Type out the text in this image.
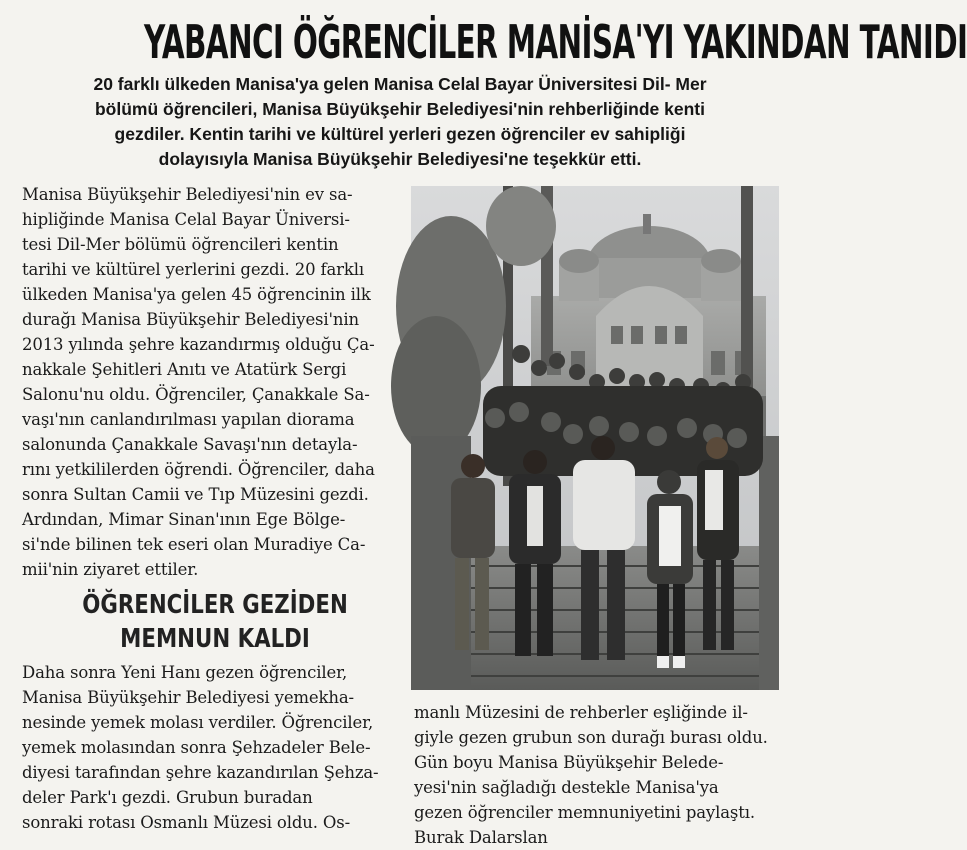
YABANCI ÖĞRENCİLER MANİSA'YI YAKINDAN TANIDI
20 farklı ülkeden Manisa'ya gelen Manisa Celal Bayar Üniversitesi Dil- Mer
bölümü öğrencileri, Manisa Büyükşehir Belediyesi'nin rehberliğinde kenti
gezdiler. Kentin tarihi ve kültürel yerleri gezen öğrenciler ev sahipliği
dolayısıyla Manisa Büyükşehir Belediyesi'ne teşekkür etti.
Manisa Büyükşehir Belediyesi'nin ev sa-
hipliğinde Manisa Celal Bayar Üniversi-
tesi Dil-Mer bölümü öğrencileri kentin
tarihi ve kültürel yerlerini gezdi. 20 farklı
ülkeden Manisa'ya gelen 45 öğrencinin ilk
durağı Manisa Büyükşehir Belediyesi'nin
2013 yılında şehre kazandırmış olduğu Ça-
nakkale Şehitleri Anıtı ve Atatürk Sergi
Salonu'nu oldu. Öğrenciler, Çanakkale Sa-
vaşı'nın canlandırılması yapılan diorama
salonunda Çanakkale Savaşı'nın detayla-
rını yetkililerden öğrendi. Öğrenciler, daha
sonra Sultan Camii ve Tıp Müzesini gezdi.
Ardından, Mimar Sinan'ının Ege Bölge-
si'nde bilinen tek eseri olan Muradiye Ca-
mii'nin ziyaret ettiler.
ÖĞRENCİLER GEZİDEN
MEMNUN KALDI
Daha sonra Yeni Hanı gezen öğrenciler,
Manisa Büyükşehir Belediyesi yemekha-
nesinde yemek molası verdiler. Öğrenciler,
yemek molasından sonra Şehzadeler Bele-
diyesi tarafından şehre kazandırılan Şehza-
deler Park'ı gezdi. Grubun buradan
sonraki rotası Osmanlı Müzesi oldu. Os-
manlı Müzesini de rehberler eşliğinde il-
giyle gezen grubun son durağı burası oldu.
Gün boyu Manisa Büyükşehir Belede-
yesi'nin sağladığı destekle Manisa'ya
gezen öğrenciler memnuniyetini paylaştı.
Burak Dalarslan
